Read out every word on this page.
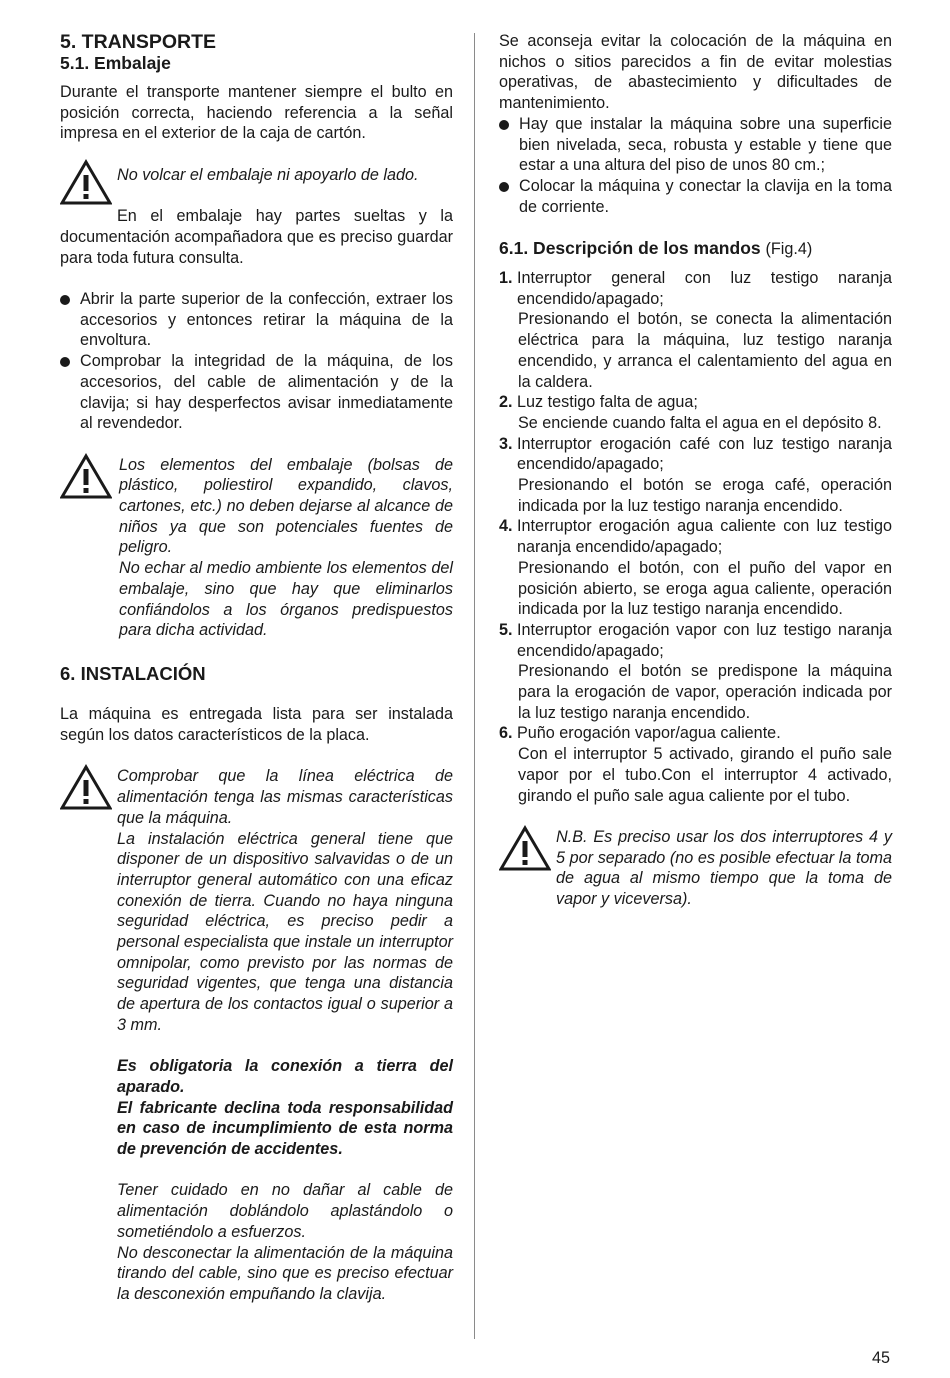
5. TRANSPORTE

5.1. Embalaje

Durante el transporte mantener siempre el bulto en posición correcta, haciendo referencia a la señal impresa en el exterior de la caja de cartón.

No volcar el embalaje ni apoyarlo de lado.

En el embalaje hay partes sueltas y la documentación acompañadora que es preciso guardar para toda futura consulta.

Abrir la parte superior de la confección, extraer los accesorios y entonces retirar la máquina de la envoltura.
Comprobar la integridad de la máquina, de los accesorios, del cable de alimentación y de la clavija; si hay desperfectos avisar inmediatamente al revendedor.

Los elementos del embalaje (bolsas de plástico, poliestirol expandido, clavos, cartones, etc.) no deben dejarse al alcance de niños ya que son potenciales fuentes de peligro.

No echar al medio ambiente los elementos del embalaje, sino que hay que eliminarlos confiándolos a los órganos predispuestos para dicha actividad.

6. INSTALACIÓN

La máquina es entregada lista para ser instalada según los datos característicos de la placa.

Comprobar que la línea eléctrica de alimentación tenga las mismas características que la máquina.

La instalación eléctrica general tiene que disponer de un dispositivo salvavidas o de un interruptor general automático con una eficaz conexión de tierra. Cuando no haya ninguna seguridad eléctrica, es preciso pedir a personal especialista que instale un interruptor omnipolar, como previsto por las normas de seguridad vigentes, que tenga una distancia de apertura de los contactos igual o superior a 3 mm.

Es obligatoria la conexión a tierra del aparado.

El fabricante declina toda responsabilidad en caso de incumplimiento de esta norma de prevención de accidentes.

Tener cuidado en no dañar al cable de alimentación doblándolo aplastándolo o sometiéndolo a esfuerzos.

No desconectar la alimentación de la máquina tirando del cable, sino que es preciso efectuar la desconexión empuñando la clavija.

Se aconseja evitar la colocación de la máquina en nichos o sitios parecidos a fin de evitar molestias operativas, de abastecimiento y dificultades de mantenimiento.

Hay que instalar la máquina sobre una superficie bien nivelada, seca, robusta y estable y tiene que estar a una altura del piso de unos 80 cm.;
Colocar la máquina y conectar la clavija en la toma de corriente.

6.1. Descripción de los mandos (Fig.4)

1. Interruptor general con luz testigo naranja encendido/apagado;
Presionando el botón, se conecta la alimentación eléctrica para la máquina, luz testigo naranja encendido, y arranca el calentamiento del agua en la caldera.
2. Luz testigo falta de agua;
Se enciende cuando falta el agua en el depósito 8.
3. Interruptor erogación café con luz testigo naranja encendido/apagado;
Presionando el botón se eroga café, operación indicada por la luz testigo naranja encendido.
4. Interruptor erogación agua caliente con luz testigo naranja encendido/apagado;
Presionando el botón, con el puño del vapor en posición abierto, se eroga agua caliente, operación indicada por la luz testigo naranja encendido.
5. Interruptor erogación vapor con luz testigo naranja encendido/apagado;
Presionando el botón se predispone la máquina para la erogación de vapor, operación indicada por la luz testigo naranja encendido.
6. Puño erogación vapor/agua caliente.
Con el interruptor 5 activado, girando el puño sale vapor por el tubo.Con el interruptor 4 activado, girando el puño sale agua caliente por el tubo.

N.B. Es preciso usar los dos interruptores 4 y 5 por separado (no es posible efectuar la toma de agua al mismo tiempo que la toma de vapor y viceversa).

45
